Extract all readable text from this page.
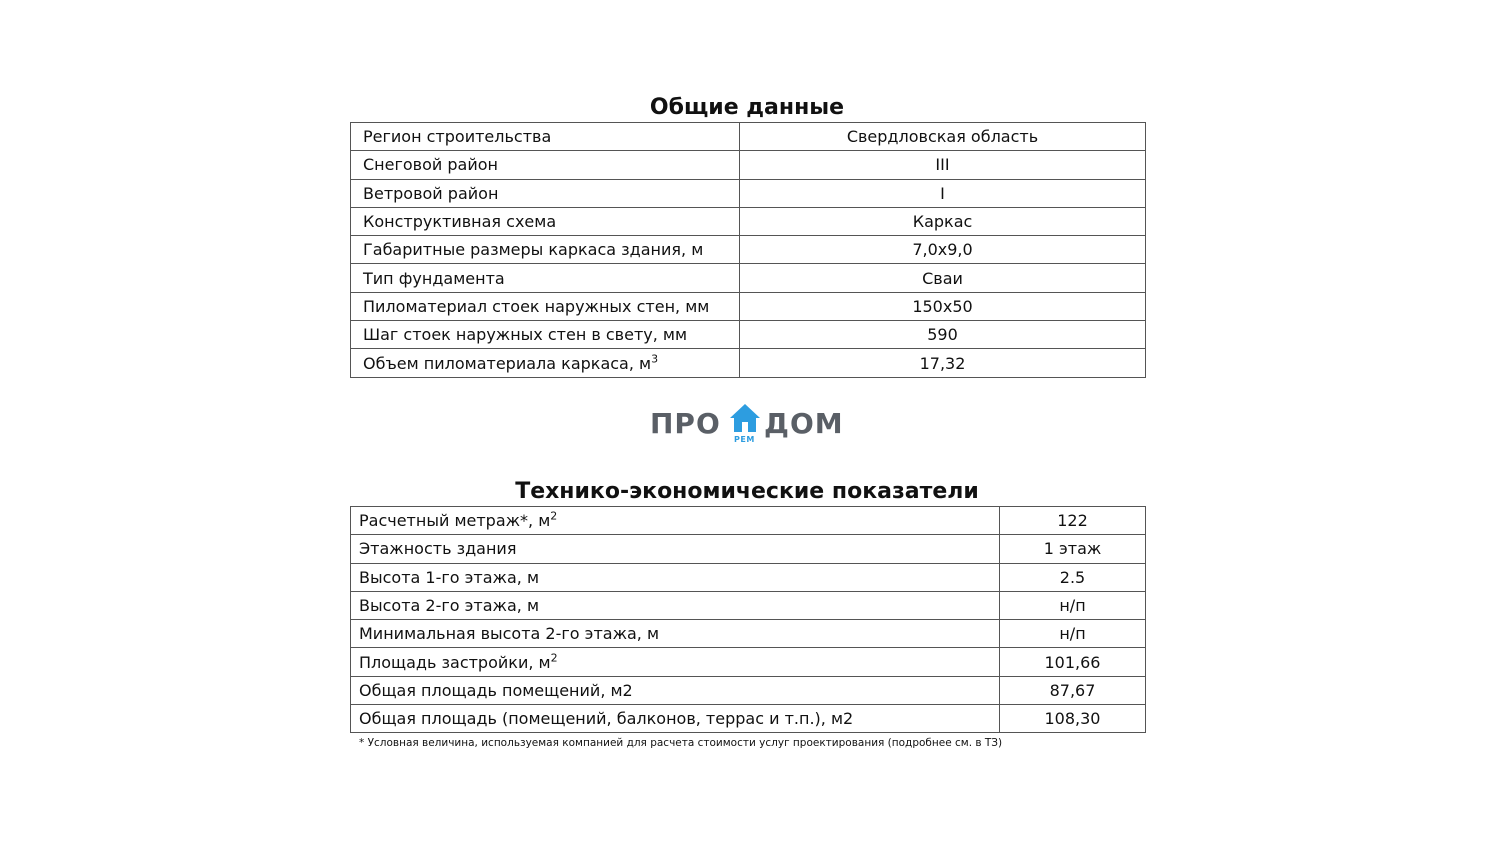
Общие данные
Регион строительства	Свердловская область
Снеговой район	III
Ветровой район	I
Конструктивная схема	Каркас
Габаритные размеры каркаса здания, м	7,0x9,0
Тип фундамента	Сваи
Пиломатериал стоек наружных стен, мм	150x50
Шаг стоек наружных стен в свету, мм	590
Объем пиломатериала каркаса, $м^3$	17,32
ПРО РЕМ ДОМ
Технико-экономические показатели
Расчетный метраж*, $м^2$	122
Этажность здания	1 этаж
Высота 1-го этажа, м	2.5
Высота 2-го этажа, м	н/п
Минимальная высота 2-го этажа, м	н/п
Площадь застройки, $м^2$	101,66
Общая площадь помещений, м2	87,67
Общая площадь (помещений, балконов, террас и т.п.), м2	108,30
* Условная величина, используемая компанией для расчета стоимости услуг проектирования (подробнее см. в ТЗ)
